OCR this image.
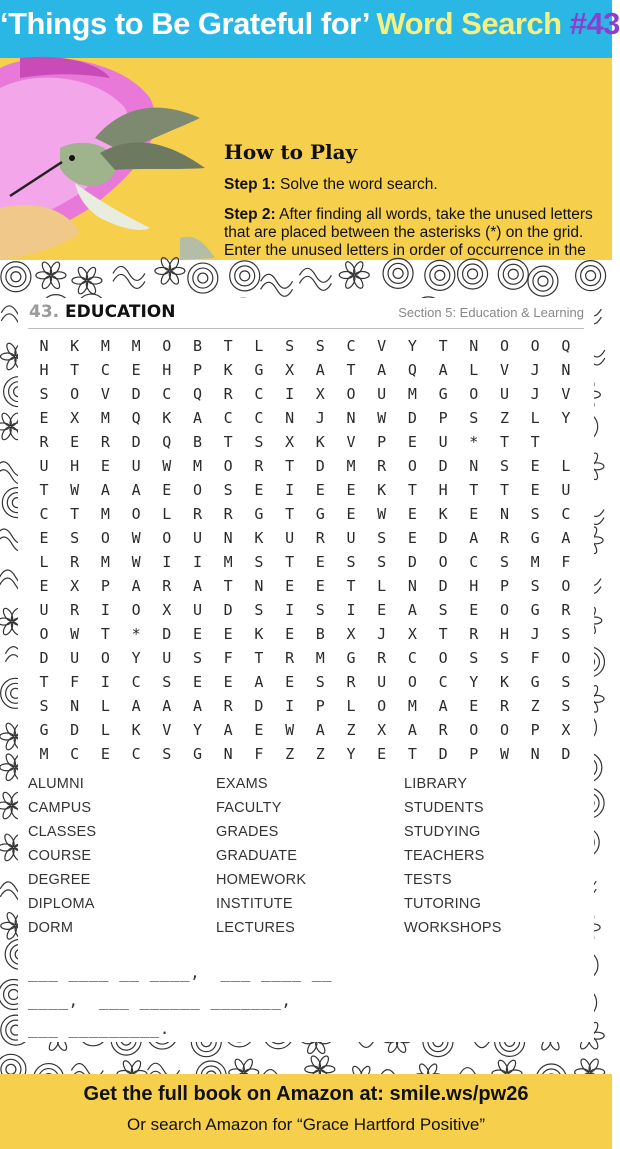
‘Things to Be Grateful for’ Word Search #43
How to Play
Step 1: Solve the word search.
Step 2: After finding all words, take the unused letters that are placed between the asterisks (*) on the grid. Enter the unused letters in order of occurrence in the
43. EDUCATION	Section 5: Education & Learning
N	K	M	M	O	B	T	L	S	S	C	V	Y	T	N	O	O	Q
H	T	C	E	H	P	K	G	X	A	T	A	Q	A	L	V	J	N
S	O	V	D	C	Q	R	C	I	X	O	U	M	G	O	U	J	V
E	X	M	Q	K	A	C	C	N	J	N	W	D	P	S	Z	L	Y
R	E	R	D	Q	B	T	S	X	K	V	P	E	U	*	T	T
U	H	E	U	W	M	O	R	T	D	M	R	O	D	N	S	E	L
T	W	A	A	E	O	S	E	I	E	E	K	T	H	T	T	E	U
C	T	M	O	L	R	R	G	T	G	E	W	E	K	E	N	S	C
E	S	O	W	O	U	N	K	U	R	U	S	E	D	A	R	G	A
L	R	M	W	I	I	M	S	T	E	S	S	D	O	C	S	M	F
E	X	P	A	R	A	T	N	E	E	T	L	N	D	H	P	S	O
U	R	I	O	X	U	D	S	I	S	I	E	A	S	E	O	G	R
O	W	T	*	D	E	E	K	E	B	X	J	X	T	R	H	J	S
D	U	O	Y	U	S	F	T	R	M	G	R	C	O	S	S	F	O
T	F	I	C	S	E	E	A	E	S	R	U	O	C	Y	K	G	S
S	N	L	A	A	A	R	D	I	P	L	O	M	A	E	R	Z	S
G	D	L	K	V	Y	A	E	W	A	Z	X	A	R	O	O	P	X
M	C	E	C	S	G	N	F	Z	Z	Y	E	T	D	P	W	N	D
ALUMNI
CAMPUS
CLASSES
COURSE
DEGREE
DIPLOMA
DORM
EXAMS
FACULTY
GRADES
GRADUATE
HOMEWORK
INSTITUTE
LECTURES
LIBRARY
STUDENTS
STUDYING
TEACHERS
TESTS
TUTORING
WORKSHOPS
___ ____ __ ____,  ___ ____ __
____,  ___ ______ _______,
___ _________.
Get the full book on Amazon at: smile.ws/pw26
Or search Amazon for “Grace Hartford Positive”
